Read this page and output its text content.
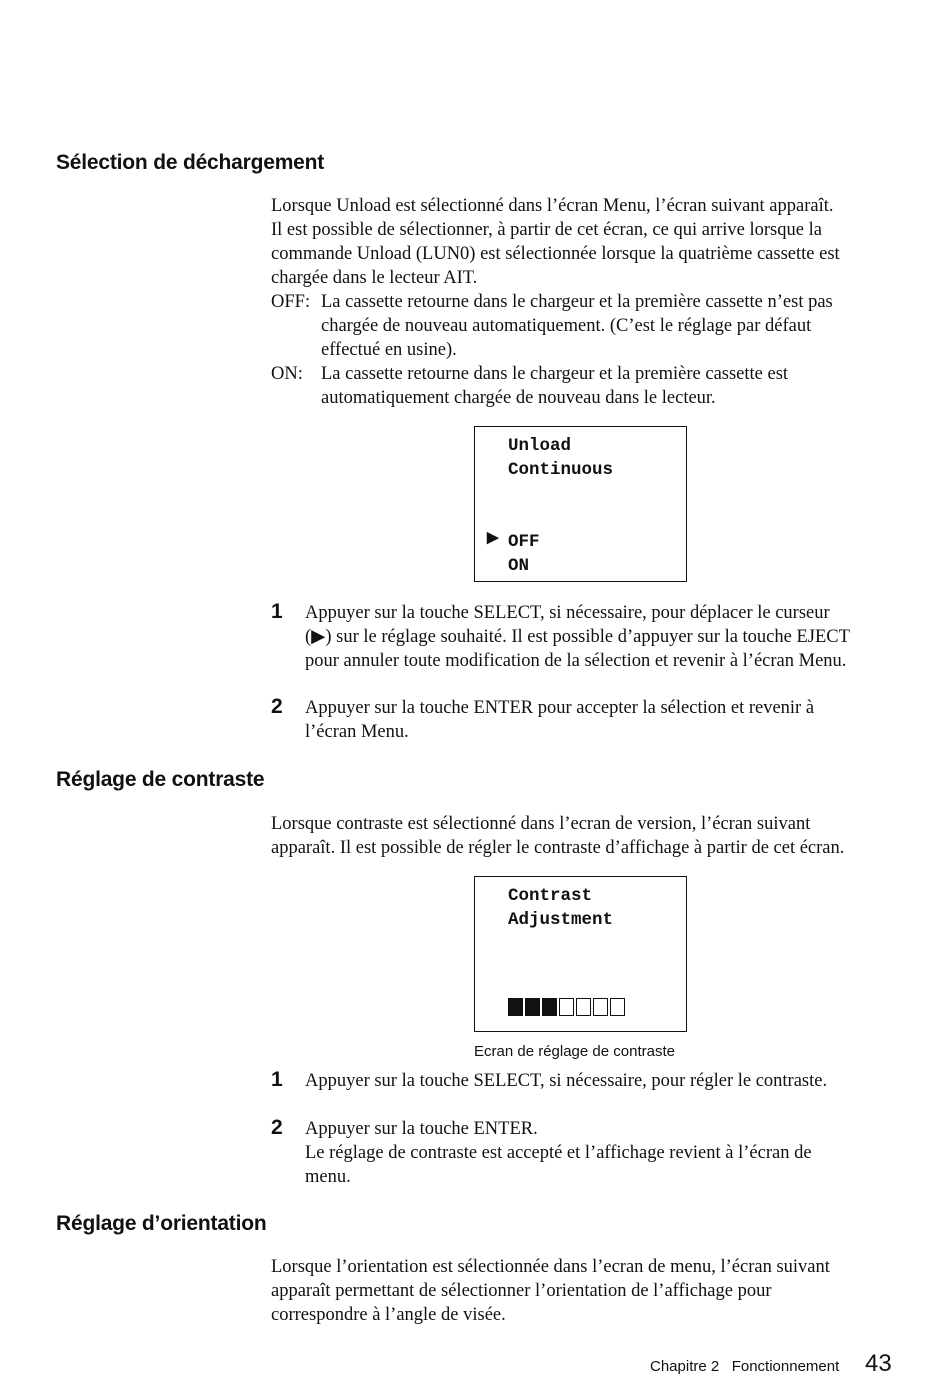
Sélection de déchargement
Lorsque Unload est sélectionné dans l’écran Menu, l’écran suivant apparaît.
Il est possible de sélectionner, à partir de cet écran, ce qui arrive lorsque la
commande Unload (LUN0) est sélectionnée lorsque la quatrième cassette est
chargée dans le lecteur AIT.
OFF: La cassette retourne dans le chargeur et la première cassette n’est pas
chargée de nouveau automatiquement. (C’est le réglage par défaut
effectué en usine).
ON: La cassette retourne dans le chargeur et la première cassette est
automatiquement chargée de nouveau dans le lecteur.
Unload
Continuous
▶ OFF
ON
1 Appuyer sur la touche SELECT, si nécessaire, pour déplacer le curseur
(▶) sur le réglage souhaité. Il est possible d’appuyer sur la touche EJECT
pour annuler toute modification de la sélection et revenir à l’écran Menu.
2 Appuyer sur la touche ENTER pour accepter la sélection et revenir à
l’écran Menu.
Réglage de contraste
Lorsque contraste est sélectionné dans l’ecran de version, l’écran suivant
apparaît. Il est possible de régler le contraste d’affichage à partir de cet écran.
Contrast
Adjustment
Ecran de réglage de contraste
1 Appuyer sur la touche SELECT, si nécessaire, pour régler le contraste.
2 Appuyer sur la touche ENTER.
Le réglage de contraste est accepté et l’affichage revient à l’écran de
menu.
Réglage d’orientation
Lorsque l’orientation est sélectionnée dans l’ecran de menu, l’écran suivant
apparaît permettant de sélectionner l’orientation de l’affichage pour
correspondre à l’angle de visée.
Chapitre 2   Fonctionnement 43
